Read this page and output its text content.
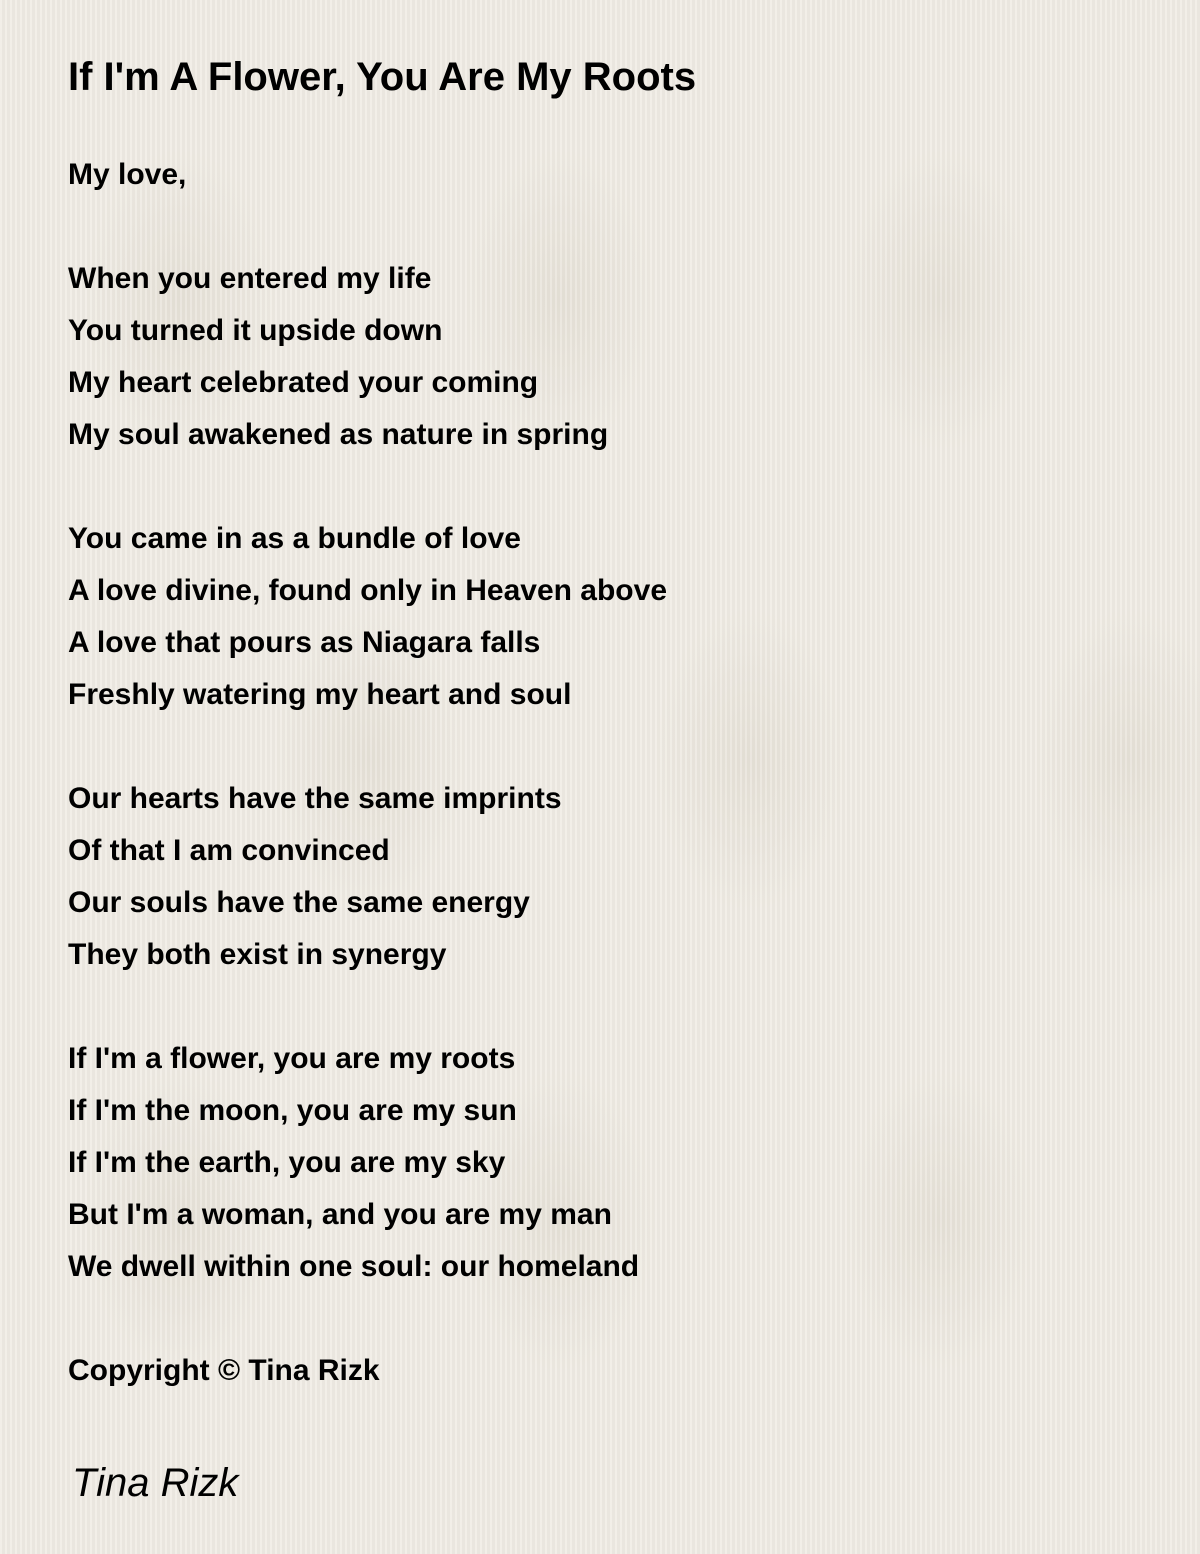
If I'm A Flower, You Are My Roots
My love,
When you entered my life
You turned it upside down
My heart celebrated your coming
My soul awakened as nature in spring
You came in as a bundle of love
A love divine, found only in Heaven above
A love that pours as Niagara falls
Freshly watering my heart and soul
Our hearts have the same imprints
Of that I am convinced
Our souls have the same energy
They both exist in synergy
If I'm a flower, you are my roots
If I'm the moon, you are my sun
If I'm the earth, you are my sky
But I'm a woman, and you are my man
We dwell within one soul: our homeland
Copyright © Tina Rizk
Tina Rizk
